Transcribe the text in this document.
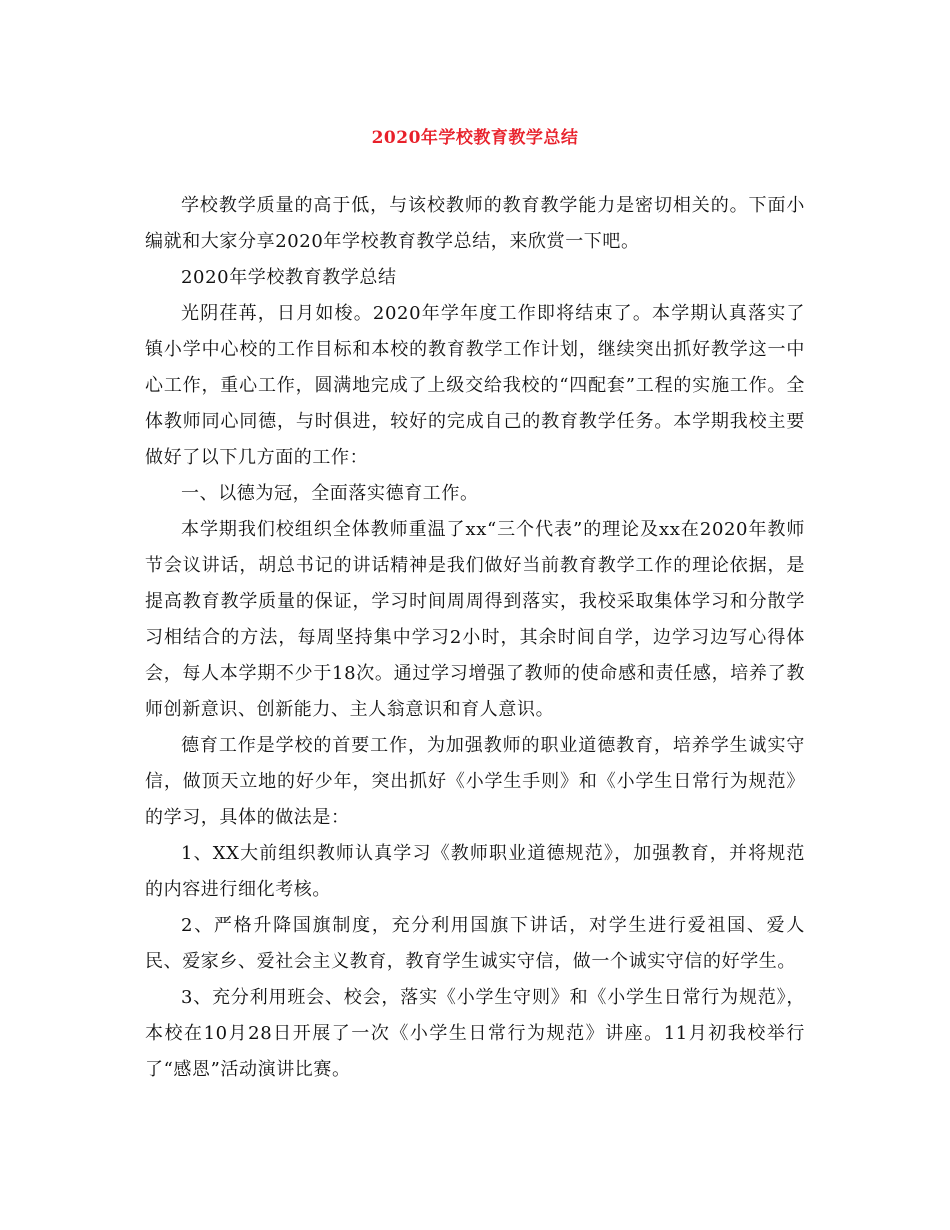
2020年学校教育教学总结

学校教学质量的高于低，与该校教师的教育教学能力是密切相关的。下面小编就和大家分享2020年学校教育教学总结，来欣赏一下吧。

2020年学校教育教学总结

光阴荏苒，日月如梭。2020年学年度工作即将结束了。本学期认真落实了镇小学中心校的工作目标和本校的教育教学工作计划，继续突出抓好教学这一中心工作，重心工作，圆满地完成了上级交给我校的“四配套”工程的实施工作。全体教师同心同德，与时俱进，较好的完成自己的教育教学任务。本学期我校主要做好了以下几方面的工作：

一、以德为冠，全面落实德育工作。

本学期我们校组织全体教师重温了xx“三个代表”的理论及xx在2020年教师节会议讲话，胡总书记的讲话精神是我们做好当前教育教学工作的理论依据，是提高教育教学质量的保证，学习时间周周得到落实，我校采取集体学习和分散学习相结合的方法，每周坚持集中学习2小时，其余时间自学，边学习边写心得体会，每人本学期不少于18次。通过学习增强了教师的使命感和责任感，培养了教师创新意识、创新能力、主人翁意识和育人意识。

德育工作是学校的首要工作，为加强教师的职业道德教育，培养学生诚实守信，做顶天立地的好少年，突出抓好《小学生手则》和《小学生日常行为规范》的学习，具体的做法是：

1、XX大前组织教师认真学习《教师职业道德规范》，加强教育，并将规范的内容进行细化考核。

2、严格升降国旗制度，充分利用国旗下讲话，对学生进行爱祖国、爱人民、爱家乡、爱社会主义教育，教育学生诚实守信，做一个诚实守信的好学生。

3、充分利用班会、校会，落实《小学生守则》和《小学生日常行为规范》，本校在10月28日开展了一次《小学生日常行为规范》讲座。11月初我校举行了“感恩”活动演讲比赛。
